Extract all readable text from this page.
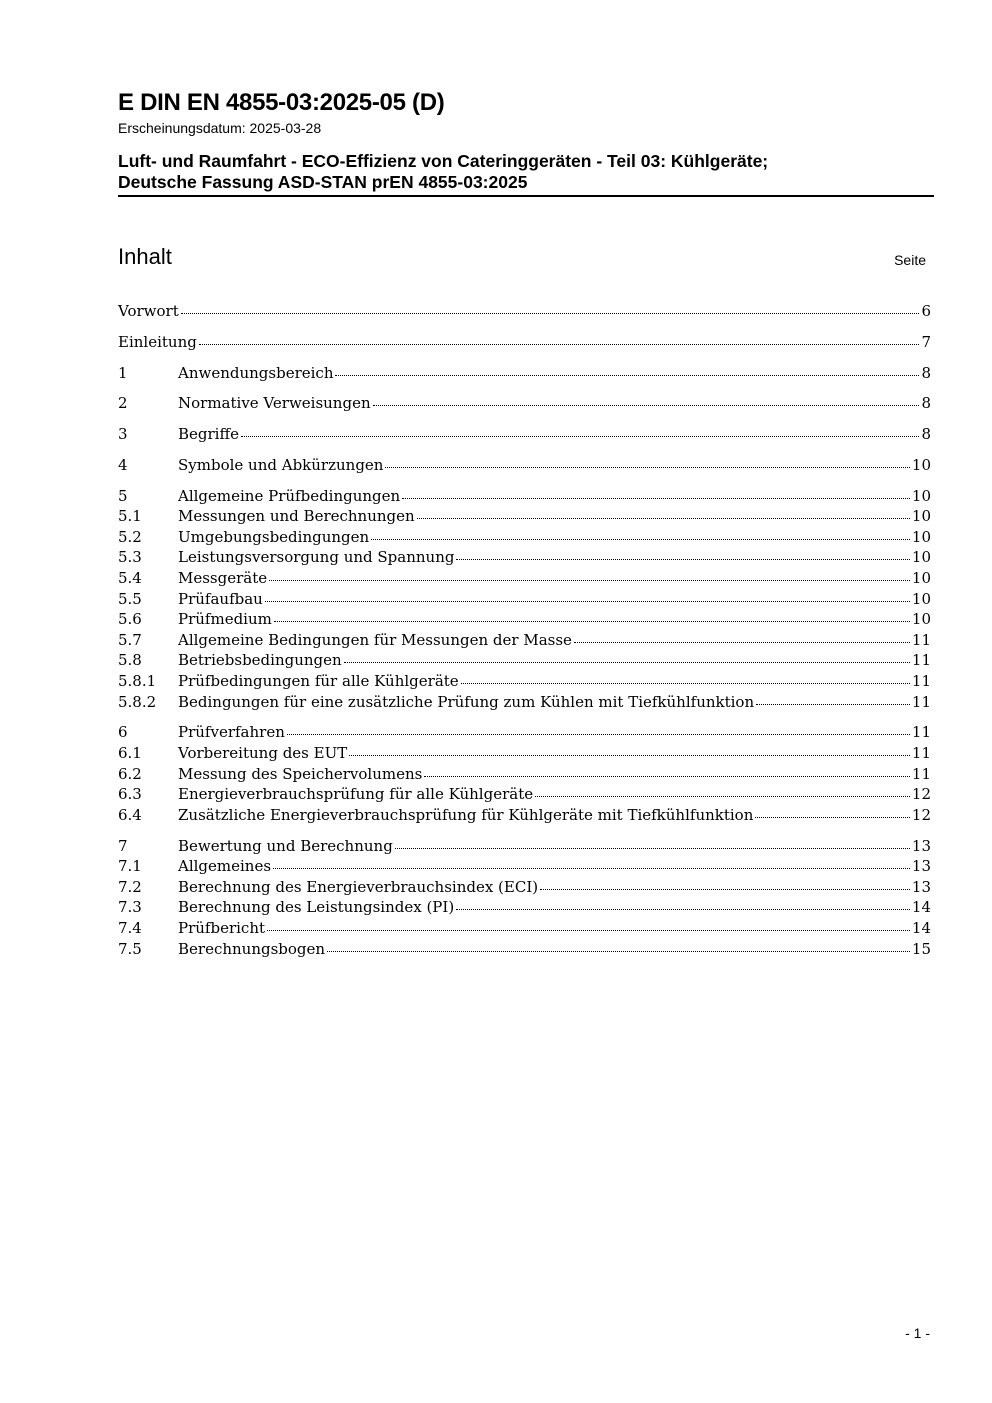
E DIN EN 4855-03:2025-05 (D)
Erscheinungsdatum: 2025-03-28
Luft- und Raumfahrt - ECO-Effizienz von Cateringgeräten - Teil 03: Kühlgeräte;
Deutsche Fassung ASD-STAN prEN 4855-03:2025
Inhalt	Seite
Vorwort	6
Einleitung	7
1	Anwendungsbereich	8
2	Normative Verweisungen	8
3	Begriffe	8
4	Symbole und Abkürzungen	10
5	Allgemeine Prüfbedingungen	10
5.1	Messungen und Berechnungen	10
5.2	Umgebungsbedingungen	10
5.3	Leistungsversorgung und Spannung	10
5.4	Messgeräte	10
5.5	Prüfaufbau	10
5.6	Prüfmedium	10
5.7	Allgemeine Bedingungen für Messungen der Masse	11
5.8	Betriebsbedingungen	11
5.8.1	Prüfbedingungen für alle Kühlgeräte	11
5.8.2	Bedingungen für eine zusätzliche Prüfung zum Kühlen mit Tiefkühlfunktion	11
6	Prüfverfahren	11
6.1	Vorbereitung des EUT	11
6.2	Messung des Speichervolumens	11
6.3	Energieverbrauchsprüfung für alle Kühlgeräte	12
6.4	Zusätzliche Energieverbrauchsprüfung für Kühlgeräte mit Tiefkühlfunktion	12
7	Bewertung und Berechnung	13
7.1	Allgemeines	13
7.2	Berechnung des Energieverbrauchsindex (ECI)	13
7.3	Berechnung des Leistungsindex (PI)	14
7.4	Prüfbericht	14
7.5	Berechnungsbogen	15
- 1 -
